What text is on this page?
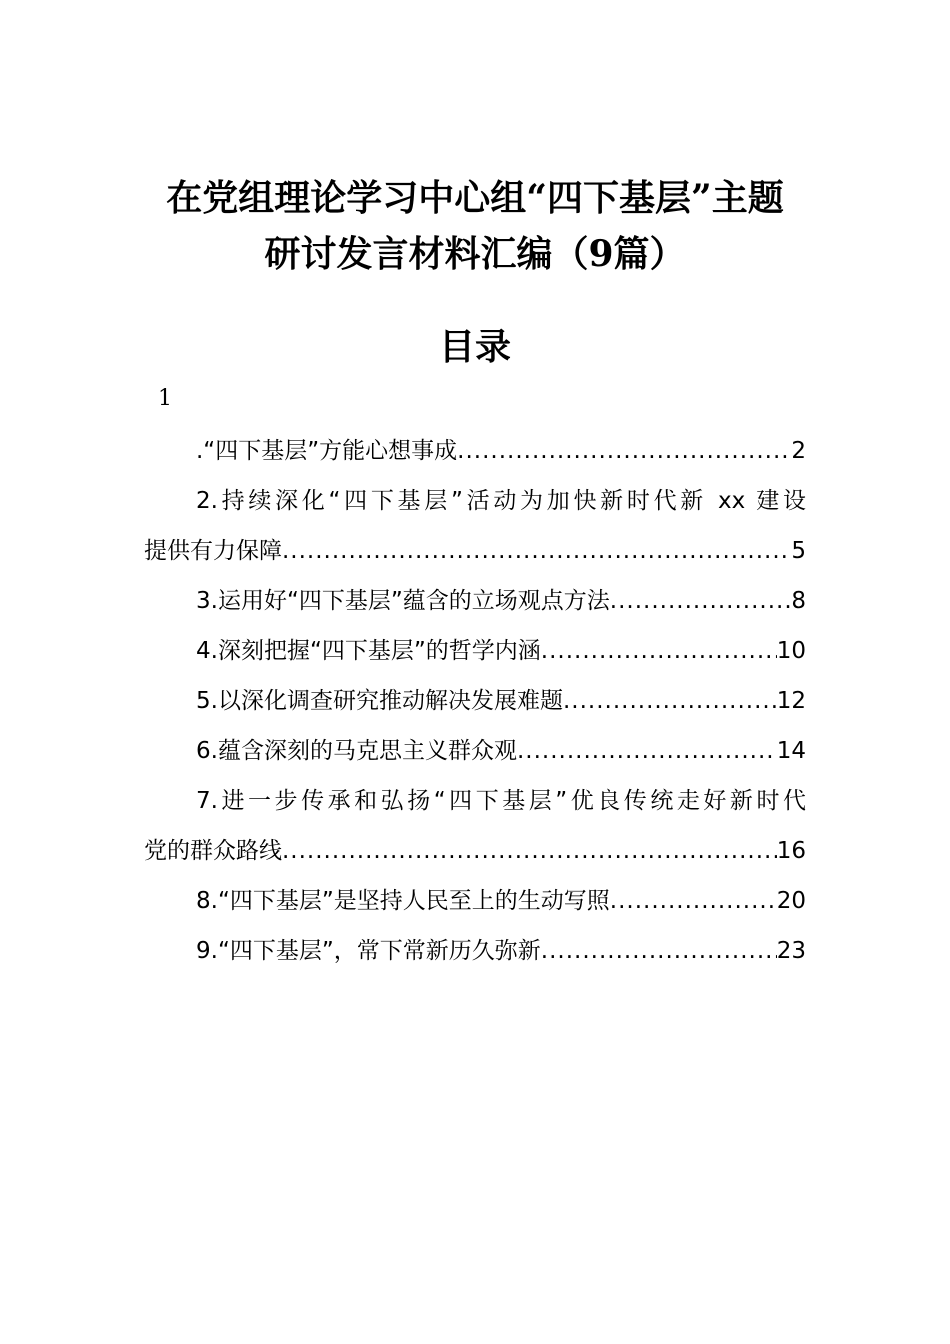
在党组理论学习中心组“四下基层”主题
研讨发言材料汇编（9篇）
目录
1
.“四下基层”方能心想事成 .....	2
2.持续深化“四下基层”活动为加快新时代新 xx 建设
提供有力保障 .....	5
3.运用好“四下基层”蕴含的立场观点方法 .....	8
4.深刻把握“四下基层”的哲学内涵 .....	10
5.以深化调查研究推动解决发展难题 .....	12
6.蕴含深刻的马克思主义群众观 .....	14
7.进一步传承和弘扬“四下基层”优良传统走好新时代
党的群众路线 .....	16
8.“四下基层”是坚持人民至上的生动写照 .....	20
9.“四下基层”，常下常新历久弥新 .....	23
